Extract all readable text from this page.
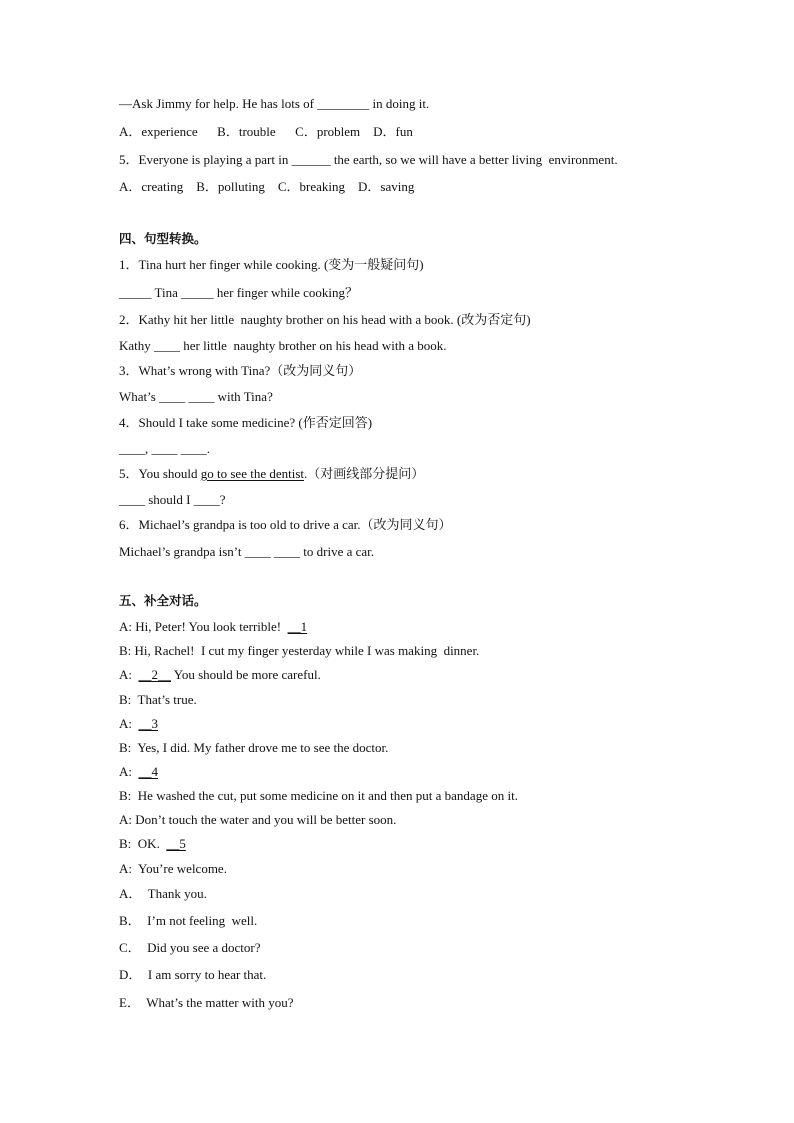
—Ask Jimmy for help. He has lots of ________ in doing it.
A．experience      B．trouble      C．problem    D．fun
5．Everyone is playing a part in ______ the earth, so we will have a better living  environment.
A．creating    B．polluting    C．breaking    D．saving
四、句型转换。
1．Tina hurt her finger while cooking. (变为一般疑问句)
_____ Tina _____ her finger while cooking？
2．Kathy hit her little  naughty brother on his head with a book. (改为否定句)
Kathy ____ her little  naughty brother on his head with a book.
3．What’s wrong with Tina?（改为同义句）
What’s ____ ____ with Tina?
4．Should I take some medicine? (作否定回答)
____, ____ ____.
5．You should go to see the dentist.（对画线部分提问）
____ should I ____?
6．Michael’s grandpa is too old to drive a car.（改为同义句）
Michael’s grandpa isn’t ____ ____ to drive a car.
五、补全对话。
A: Hi, Peter! You look terrible!  __1
B: Hi, Rachel!  I cut my finger yesterday while I was making  dinner.
A: __2__ You should be more careful.
B:  That’s true.
A: __3
B:  Yes, I did. My father drove me to see the doctor.
A: __4
B:  He washed the cut, put some medicine on it and then put a bandage on it.
A: Don’t touch the water and you will be better soon.
B:  OK.  __5
A:  You’re welcome.
A．  Thank you.
B．  I’m not feeling  well.
C．  Did you see a doctor?
D．  I am sorry to hear that.
E．  What’s the matter with you?
